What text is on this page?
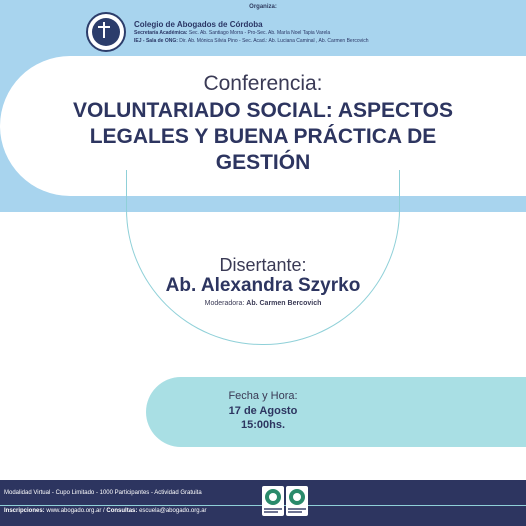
Organiza:
Colegio de Abogados de Córdoba
Secretaría Académica: Sec. Ab. Santiago Morra - Pro-Sec. Ab. María Noel Tapia Varela
IEJ - Sala de ONG: Dir. Ab. Mónica Silvia Pino - Sec. Acad.: Ab. Luciana Caminal , Ab. Carmen Bercovich
Conferencia:
VOLUNTARIADO SOCIAL: ASPECTOS LEGALES Y BUENA PRÁCTICA DE GESTIÓN
Disertante:
Ab. Alexandra Szyrko
Moderadora: Ab. Carmen Bercovich
Fecha y Hora:
17 de Agosto
15:00hs.
Modalidad Virtual - Cupo Limitado - 1000 Participantes - Actividad Gratuita
Inscripciones: www.abogado.org.ar / Consultas: escuela@abogado.org.ar
